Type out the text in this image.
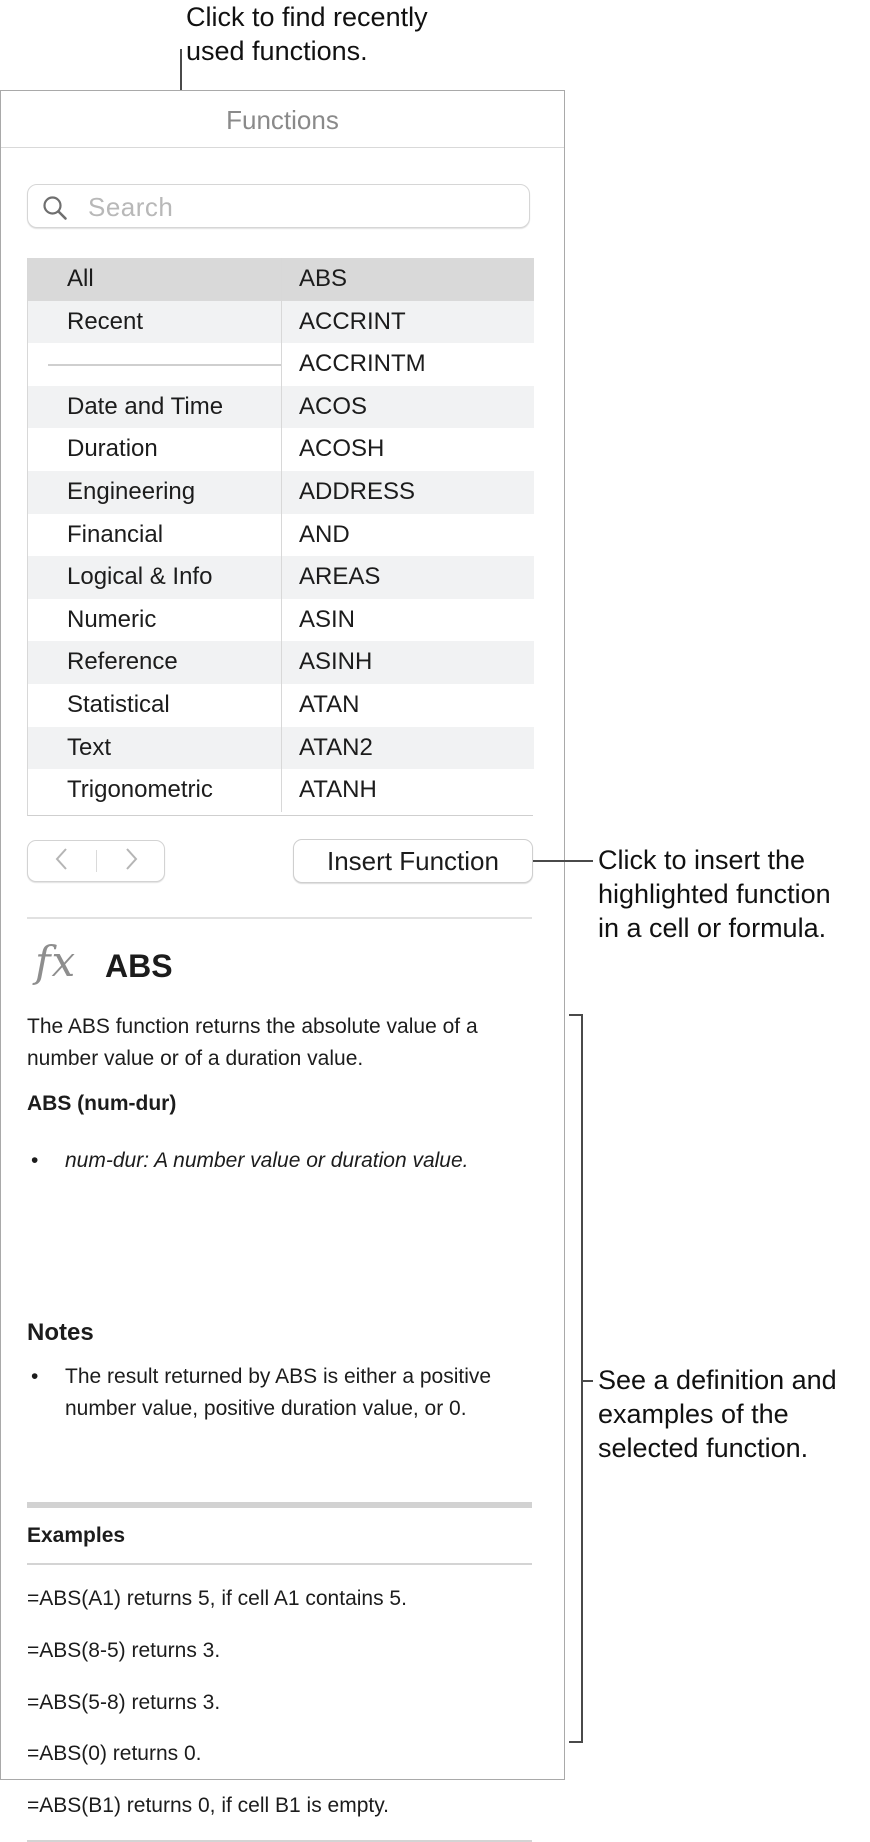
Click to find recently
used functions.
Functions
Search
All
Recent
Date and Time
Duration
Engineering
Financial
Logical & Info
Numeric
Reference
Statistical
Text
Trigonometric
ABS
ACCRINT
ACCRINTM
ACOS
ACOSH
ADDRESS
AND
AREAS
ASIN
ASINH
ATAN
ATAN2
ATANH
Insert Function
fx ABS
The ABS function returns the absolute value of a number value or of a duration value.
ABS (num-dur)
• num-dur: A number value or duration value.
Notes
• The result returned by ABS is either a positive number value, positive duration value, or 0.
Examples
=ABS(A1) returns 5, if cell A1 contains 5.
=ABS(8-5) returns 3.
=ABS(5-8) returns 3.
=ABS(0) returns 0.
=ABS(B1) returns 0, if cell B1 is empty.
Click to insert the
highlighted function
in a cell or formula.
See a definition and
examples of the
selected function.
